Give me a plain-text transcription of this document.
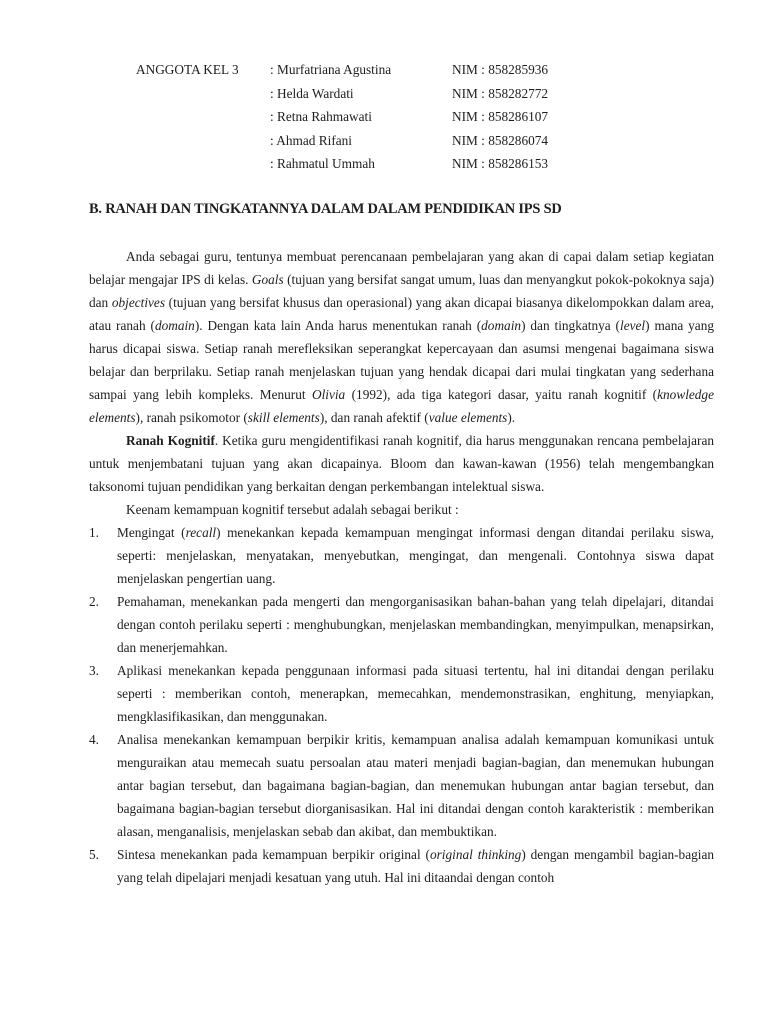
ANGGOTA KEL 3 : Murfatriana Agustina	NIM : 858285936
: Helda Wardati	NIM : 858282772
: Retna Rahmawati	NIM : 858286107
: Ahmad Rifani	NIM : 858286074
: Rahmatul Ummah	NIM : 858286153
B. RANAH DAN TINGKATANNYA DALAM DALAM PENDIDIKAN IPS SD

Anda sebagai guru, tentunya membuat perencanaan pembelajaran yang akan di capai dalam setiap kegiatan belajar mengajar IPS di kelas. Goals (tujuan yang bersifat sangat umum, luas dan menyangkut pokok-pokoknya saja) dan objectives (tujuan yang bersifat khusus dan operasional) yang akan dicapai biasanya dikelompokkan dalam area, atau ranah (domain). Dengan kata lain Anda harus menentukan ranah (domain) dan tingkatnya (level) mana yang harus dicapai siswa. Setiap ranah merefleksikan seperangkat kepercayaan dan asumsi mengenai bagaimana siswa belajar dan berprilaku. Setiap ranah menjelaskan tujuan yang hendak dicapai dari mulai tingkatan yang sederhana sampai yang lebih kompleks. Menurut Olivia (1992), ada tiga kategori dasar, yaitu ranah kognitif (knowledge elements), ranah psikomotor (skill elements), dan ranah afektif (value elements).

Ranah Kognitif. Ketika guru mengidentifikasi ranah kognitif, dia harus menggunakan rencana pembelajaran untuk menjembatani tujuan yang akan dicapainya. Bloom dan kawan-kawan (1956) telah mengembangkan taksonomi tujuan pendidikan yang berkaitan dengan perkembangan intelektual siswa.

Keenam kemampuan kognitif tersebut adalah sebagai berikut :

1. Mengingat (recall) menekankan kepada kemampuan mengingat informasi dengan ditandai perilaku siswa, seperti: menjelaskan, menyatakan, menyebutkan, mengingat, dan mengenali. Contohnya siswa dapat menjelaskan pengertian uang.
2. Pemahaman, menekankan pada mengerti dan mengorganisasikan bahan-bahan yang telah dipelajari, ditandai dengan contoh perilaku seperti : menghubungkan, menjelaskan membandingkan, menyimpulkan, menapsirkan, dan menerjemahkan.
3. Aplikasi menekankan kepada penggunaan informasi pada situasi tertentu, hal ini ditandai dengan perilaku seperti : memberikan contoh, menerapkan, memecahkan, mendemonstrasikan, enghitung, menyiapkan, mengklasifikasikan, dan menggunakan.
4. Analisa menekankan kemampuan berpikir kritis, kemampuan analisa adalah kemampuan komunikasi untuk menguraikan atau memecah suatu persoalan atau materi menjadi bagian-bagian, dan menemukan hubungan antar bagian tersebut, dan bagaimana bagian-bagian, dan menemukan hubungan antar bagian tersebut, dan bagaimana bagian-bagian tersebut diorganisasikan. Hal ini ditandai dengan contoh karakteristik : memberikan alasan, menganalisis, menjelaskan sebab dan akibat, dan membuktikan.
5. Sintesa menekankan pada kemampuan berpikir original (original thinking) dengan mengambil bagian-bagian yang telah dipelajari menjadi kesatuan yang utuh. Hal ini ditaandai dengan contoh
